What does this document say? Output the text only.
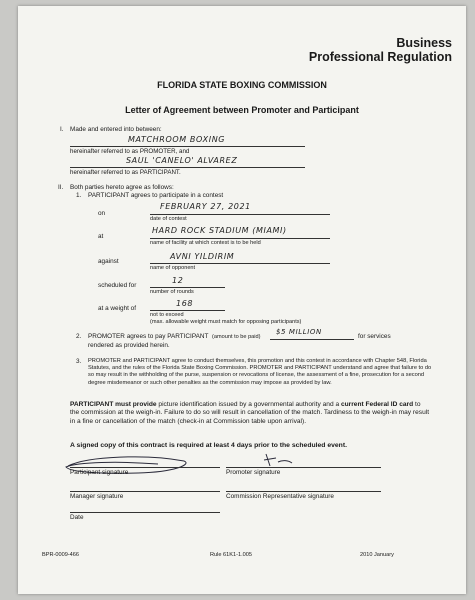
Business
Professional Regulation
FLORIDA STATE BOXING COMMISSION
Letter of Agreement between Promoter and Participant
I. Made and entered into between:
MATCHROOM BOXING
hereinafter referred to as PROMOTER, and
SAUL 'CANELO' ALVAREZ
hereinafter referred to as PARTICIPANT.
II. Both parties hereto agree as follows:
1. PARTICIPANT agrees to participate in a contest
on
FEBRUARY 27, 2021
date of contest
at
HARD ROCK STADIUM (MIAMI)
name of facility at which contest is to be held
against
AVNI YILDIRIM
name of opponent
scheduled for
12
number of rounds
at a weight of
168
not to exceed
(max. allowable weight must match for opposing participants)
2. PROMOTER agrees to pay PARTICIPANT (amount to be paid)
$5 MILLION
for services
rendered as provided herein.
3. PROMOTER and PARTICIPANT agree to conduct themselves, this promotion and this contest in accordance with Chapter 548, Florida Statutes, and the rules of the Florida State Boxing Commission. PROMOTER and PARTICIPANT understand and agree that failure to do so may result in the withholding of the purse, suspension or revocations of license, the assessment of a fine, prosecution for a second degree misdemeanor or such other penalties as the commission may impose as provided by law.
PARTICIPANT must provide picture identification issued by a governmental authority and a current Federal ID card to the commission at the weigh-in. Failure to do so will result in cancellation of the match. Tardiness to the weigh-in may result in a fine or cancellation of the match (check-in at Commission table upon arrival).
A signed copy of this contract is required at least 4 days prior to the scheduled event.
Participant signature	Promoter signature
Manager signature	Commission Representative signature
Date
BPR-0009-466	Rule 61K1-1.005	2010 January
